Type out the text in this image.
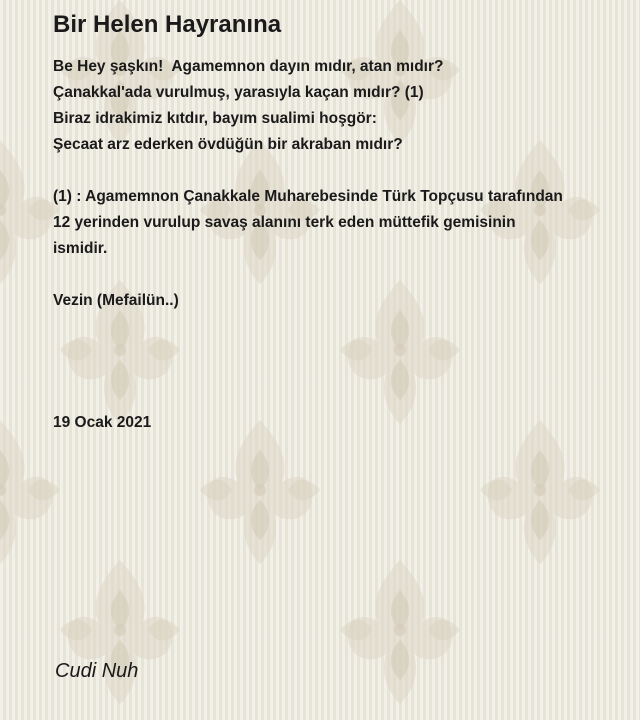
Bir Helen Hayranına
Be Hey şaşkın!  Agamemnon dayın mıdır, atan mıdır?
Çanakkal'ada vurulmuş, yarasıyla kaçan mıdır? (1)
Biraz idrakimiz kıtdır, bayım sualimi hoşgör:
Şecaat arz ederken övdüğün bir akraban mıdır?
(1) : Agamemnon Çanakkale Muharebesinde Türk Topçusu tarafından
12 yerinden vurulup savaş alanını terk eden müttefik gemisinin
ismidir.
Vezin (Mefailün..)
19 Ocak 2021
Cudi Nuh
